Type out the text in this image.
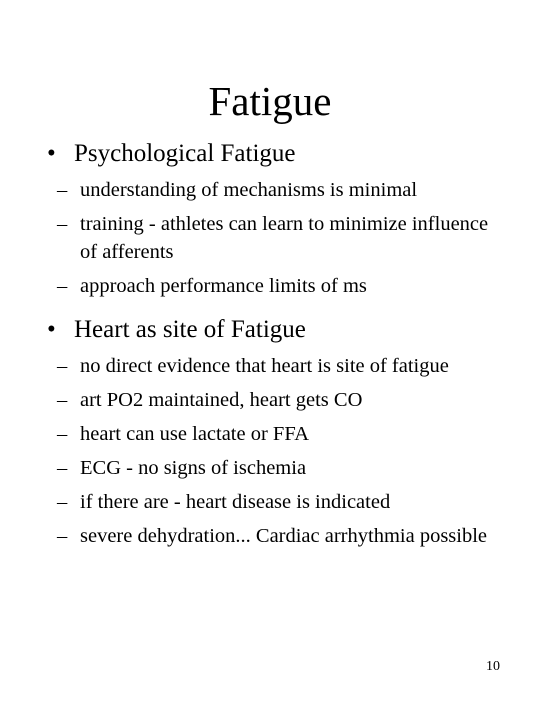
Fatigue
• Psychological Fatigue
– understanding of mechanisms is minimal
– training - athletes can learn to minimize influence of afferents
– approach performance limits of ms
• Heart as site of Fatigue
– no direct evidence that heart is site of fatigue
– art PO2 maintained, heart gets CO
– heart can use lactate or FFA
– ECG - no signs of ischemia
– if there are - heart disease is indicated
– severe dehydration... Cardiac arrhythmia possible
10
